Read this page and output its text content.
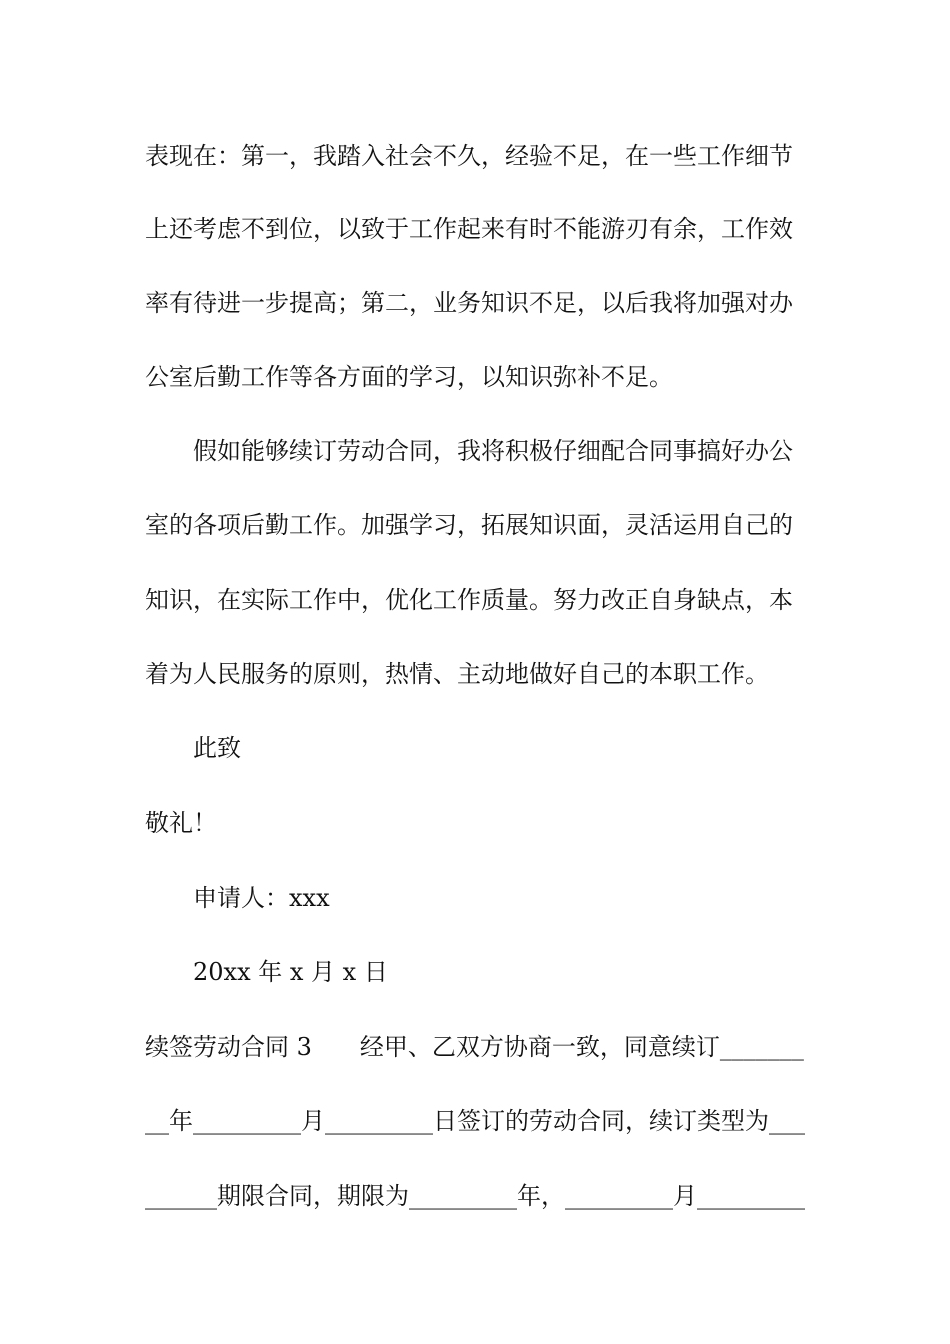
表现在：第一，我踏入社会不久，经验不足，在一些工作细节
上还考虑不到位，以致于工作起来有时不能游刃有余，工作效
率有待进一步提高；第二，业务知识不足，以后我将加强对办
公室后勤工作等各方面的学习，以知识弥补不足。
假如能够续订劳动合同，我将积极仔细配合同事搞好办公
室的各项后勤工作。加强学习，拓展知识面，灵活运用自己的
知识，在实际工作中，优化工作质量。努力改正自身缺点，本
着为人民服务的原则，热情、主动地做好自己的本职工作。
此致
敬礼！
申请人：xxx
20xx 年 x 月 x 日
续签劳动合同 3　　经甲、乙双方协商一致，同意续订_______
__年_________月_________日签订的劳动合同，续订类型为___
______期限合同，期限为_________年，_________月_________
